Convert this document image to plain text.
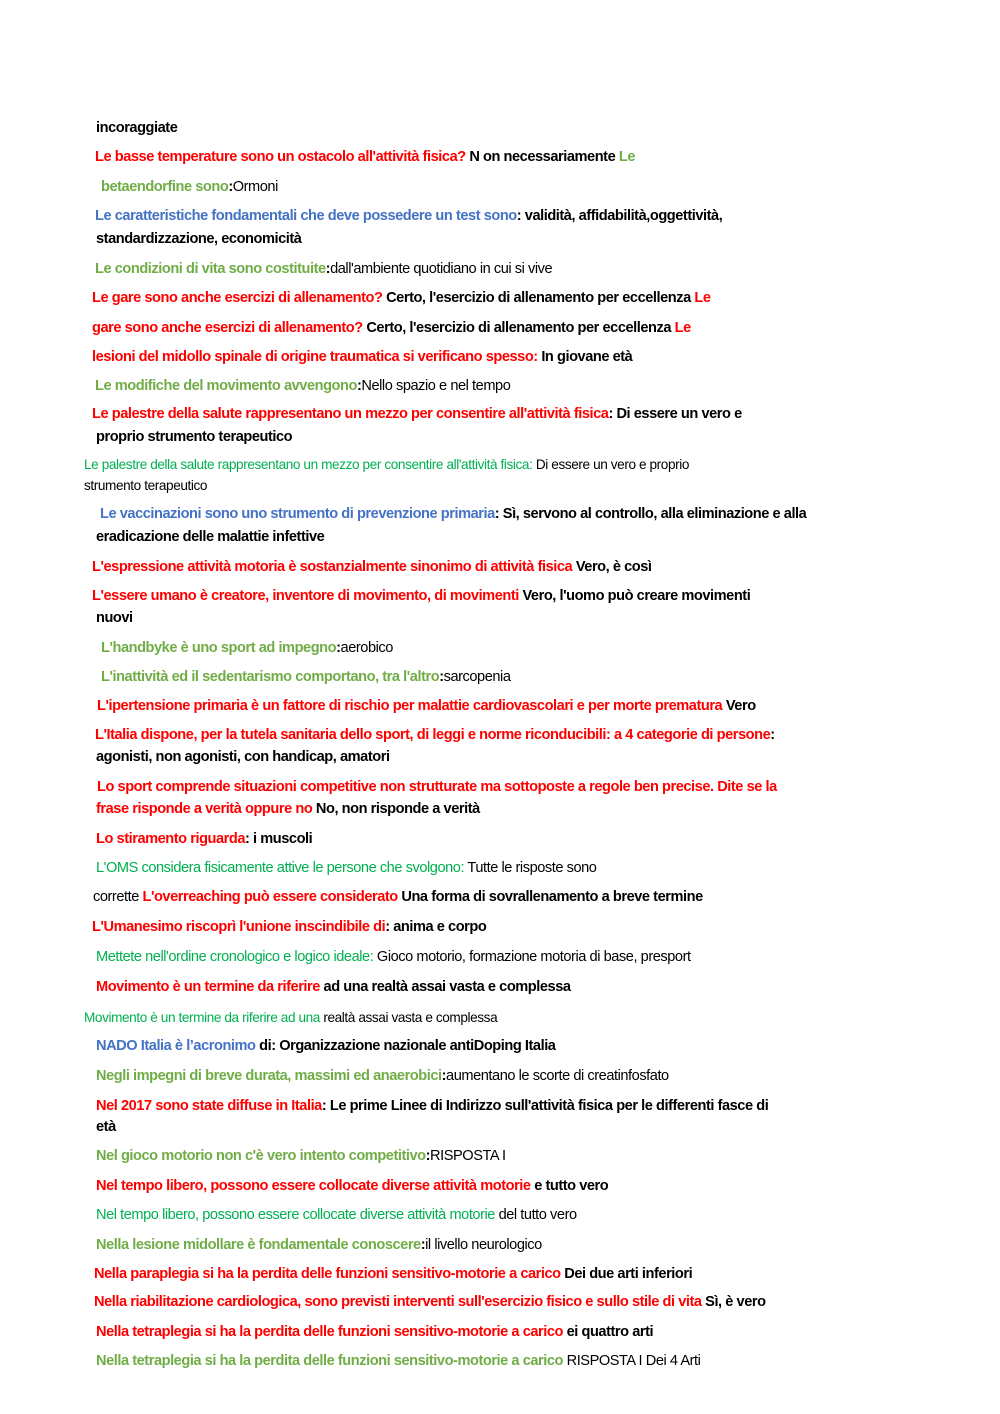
incoraggiate
Le basse temperature sono un ostacolo all'attività fisica? N on necessariamente Le
betaendorfine sono:Ormoni
Le caratteristiche fondamentali che deve possedere un test sono: validità, affidabilità,oggettività,
standardizzazione, economicità
Le condizioni di vita sono costituite:dall'ambiente quotidiano in cui si vive
Le gare sono anche esercizi di allenamento? Certo, l'esercizio di allenamento per eccellenza Le
gare sono anche esercizi di allenamento? Certo, l'esercizio di allenamento per eccellenza Le
lesioni del midollo spinale di origine traumatica si verificano spesso: In giovane età
Le modifiche del movimento avvengono:Nello spazio e nel tempo
Le palestre della salute rappresentano un mezzo per consentire all'attività fisica: Di essere un vero e
proprio strumento terapeutico
Le palestre della salute rappresentano un mezzo per consentire all'attività fisica: Di essere un vero e proprio
strumento terapeutico
Le vaccinazioni sono uno strumento di prevenzione primaria: Sì, servono al controllo, alla eliminazione e alla
eradicazione delle malattie infettive
L'espressione attività motoria è sostanzialmente sinonimo di attività fisica Vero, è così
L'essere umano è creatore, inventore di movimento, di movimenti Vero, l'uomo può creare movimenti
nuovi
L'handbyke è uno sport ad impegno:aerobico
L'inattività ed il sedentarismo comportano, tra l'altro:sarcopenia
L'ipertensione primaria è un fattore di rischio per malattie cardiovascolari e per morte prematura Vero
L'Italia dispone, per la tutela sanitaria dello sport, di leggi e norme riconducibili: a 4 categorie di persone:
agonisti, non agonisti, con handicap, amatori
Lo sport comprende situazioni competitive non strutturate ma sottoposte a regole ben precise. Dite se la
frase risponde a verità oppure no No, non risponde a verità
Lo stiramento riguarda: i muscoli
L'OMS considera fisicamente attive le persone che svolgono: Tutte le risposte sono
corrette L'overreaching può essere considerato Una forma di sovrallenamento a breve termine
L'Umanesimo riscoprì l'unione inscindibile di: anima e corpo
Mettete nell'ordine cronologico e logico ideale: Gioco motorio, formazione motoria di base, presport
Movimento è un termine da riferire ad una realtà assai vasta e complessa
Movimento è un termine da riferire ad una realtà assai vasta e complessa
NADO Italia è l’acronimo di: Organizzazione nazionale antiDoping Italia
Negli impegni di breve durata, massimi ed anaerobici:aumentano le scorte di creatinfosfato
Nel 2017 sono state diffuse in Italia: Le prime Linee di Indirizzo sull'attività fisica per le differenti fasce di
età
Nel gioco motorio non c'è vero intento competitivo:RISPOSTA I
Nel tempo libero, possono essere collocate diverse attività motorie e tutto vero
Nel tempo libero, possono essere collocate diverse attività motorie del tutto vero
Nella lesione midollare è fondamentale conoscere:il livello neurologico
Nella paraplegia si ha la perdita delle funzioni sensitivo-motorie a carico Dei due arti inferiori
Nella riabilitazione cardiologica, sono previsti interventi sull'esercizio fisico e sullo stile di vita Sì, è vero
Nella tetraplegia si ha la perdita delle funzioni sensitivo-motorie a carico ei quattro arti
Nella tetraplegia si ha la perdita delle funzioni sensitivo-motorie a carico RISPOSTA I Dei 4 Arti
